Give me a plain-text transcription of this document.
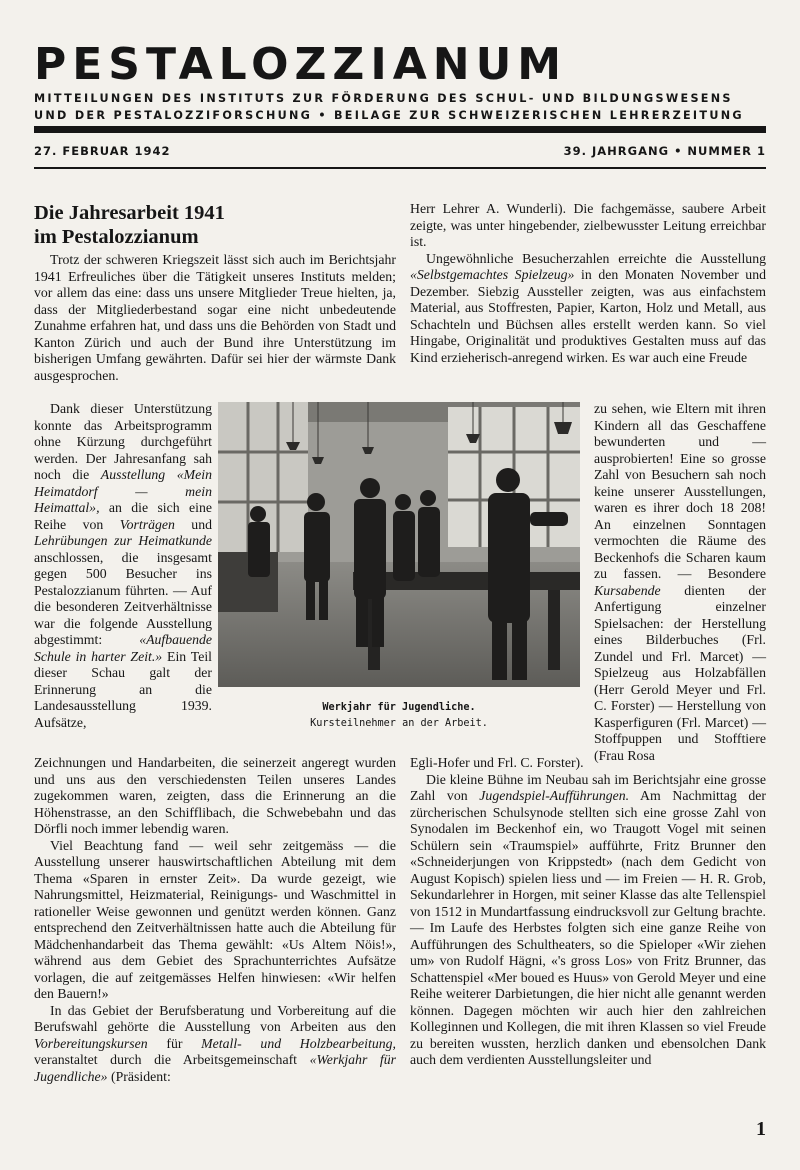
PESTALOZZIANUM

MITTEILUNGEN DES INSTITUTS ZUR FÖRDERUNG DES SCHUL- UND BILDUNGSWESENS

UND DER PESTALOZZIFORSCHUNG • BEILAGE ZUR SCHWEIZERISCHEN LEHRERZEITUNG

27. FEBRUAR 1942	39. JAHRGANG • NUMMER 1
Die Jahresarbeit 1941
im Pestalozzianum

Trotz der schweren Kriegszeit lässt sich auch im Berichtsjahr 1941 Erfreuliches über die Tätigkeit unseres Instituts melden; vor allem das eine: dass uns unsere Mitglieder Treue hielten, ja, dass der Mitgliederbestand sogar eine nicht unbedeutende Zunahme erfahren hat, und dass uns die Behörden von Stadt und Kanton Zürich und auch der Bund ihre Unterstützung im bisherigen Umfang gewährten. Dafür sei hier der wärmste Dank ausgesprochen.

Dank dieser Unterstützung konnte das Arbeitsprogramm ohne Kürzung durchgeführt werden. Der Jahresanfang sah noch die Ausstellung «Mein Heimatdorf — mein Heimattal», an die sich eine Reihe von Vorträgen und Lehrübungen zur Heimatkunde anschlossen, die insgesamt gegen 500 Besucher ins Pestalozzianum führten. — Auf die besonderen Zeitverhältnisse war die folgende Ausstellung abgestimmt: «Aufbauende Schule in harter Zeit.» Ein Teil dieser Schau galt der Erinnerung an die Landesausstellung 1939. Aufsätze,

Werkjahr für Jugendliche.
Kursteilnehmer an der Arbeit.

Zeichnungen und Handarbeiten, die seinerzeit angeregt wurden und uns aus den verschiedensten Teilen unseres Landes zugekommen waren, zeigten, dass die Erinnerung an die Höhenstrasse, an den Schifflibach, die Schwebebahn und das Dörfli noch immer lebendig waren.

Viel Beachtung fand — weil sehr zeitgemäss — die Ausstellung unserer hauswirtschaftlichen Abteilung mit dem Thema «Sparen in ernster Zeit». Da wurde gezeigt, wie Nahrungsmittel, Heizmaterial, Reinigungs- und Waschmittel in rationeller Weise gewonnen und genützt werden können. Ganz entsprechend den Zeitverhältnissen hatte auch die Abteilung für Mädchenhandarbeit das Thema gewählt: «Us Altem Nöis!», während aus dem Gebiet des Sprachunterrichtes Aufsätze vorlagen, die auf zeitgemässes Helfen hinwiesen: «Wir helfen den Bauern!»

In das Gebiet der Berufsberatung und Vorbereitung auf die Berufswahl gehörte die Ausstellung von Arbeiten aus den Vorbereitungskursen für Metall- und Holzbearbeitung, veranstaltet durch die Arbeitsgemeinschaft «Werkjahr für Jugendliche» (Präsident:

Herr Lehrer A. Wunderli). Die fachgemässe, saubere Arbeit zeigte, was unter hingebender, zielbewusster Leitung erreichbar ist.

Ungewöhnliche Besucherzahlen erreichte die Ausstellung «Selbstgemachtes Spielzeug» in den Monaten November und Dezember. Siebzig Aussteller zeigten, was aus einfachstem Material, aus Stoffresten, Papier, Karton, Holz und Metall, aus Schachteln und Büchsen alles erstellt werden kann. So viel Hingabe, Originalität und produktives Gestalten muss auf das Kind erzieherisch-anregend wirken. Es war auch eine Freude

zu sehen, wie Eltern mit ihren Kindern all das Geschaffene bewunderten und — ausprobierten! Eine so grosse Zahl von Besuchern sah noch keine unserer Ausstellungen, waren es ihrer doch 18 208! An einzelnen Sonntagen vermochten die Räume des Beckenhofs die Scharen kaum zu fassen. — Besondere Kursabende dienten der Anfertigung einzelner Spielsachen: der Herstellung eines Bilderbuches (Frl. Zundel und Frl. Marcet) — Spielzeug aus Holzabfällen (Herr Gerold Meyer und Frl. C. Forster) — Herstellung von Kasperfiguren (Frl. Marcet) — Stoffpuppen und Stofftiere (Frau Rosa

Egli-Hofer und Frl. C. Forster).

Die kleine Bühne im Neubau sah im Berichtsjahr eine grosse Zahl von Jugendspiel-Aufführungen. Am Nachmittag der zürcherischen Schulsynode stellten sich eine grosse Zahl von Synodalen im Beckenhof ein, wo Traugott Vogel mit seinen Schülern sein «Traumspiel» aufführte, Fritz Brunner den «Schneiderjungen von Krippstedt» (nach dem Gedicht von August Kopisch) spielen liess und — im Freien — H. R. Grob, Sekundarlehrer in Horgen, mit seiner Klasse das alte Tellenspiel von 1512 in Mundartfassung eindrucksvoll zur Geltung brachte. — Im Laufe des Herbstes folgten sich eine ganze Reihe von Aufführungen des Schultheaters, so die Spieloper «Wir ziehen um» von Rudolf Hägni, «'s gross Los» von Fritz Brunner, das Schattenspiel «Mer boued es Huus» von Gerold Meyer und eine Reihe weiterer Darbietungen, die hier nicht alle genannt werden können. Dagegen möchten wir auch hier den zahlreichen Kolleginnen und Kollegen, die mit ihren Klassen so viel Freude zu bereiten wussten, herzlich danken und ebensolchen Dank auch dem verdienten Ausstellungsleiter und

1
